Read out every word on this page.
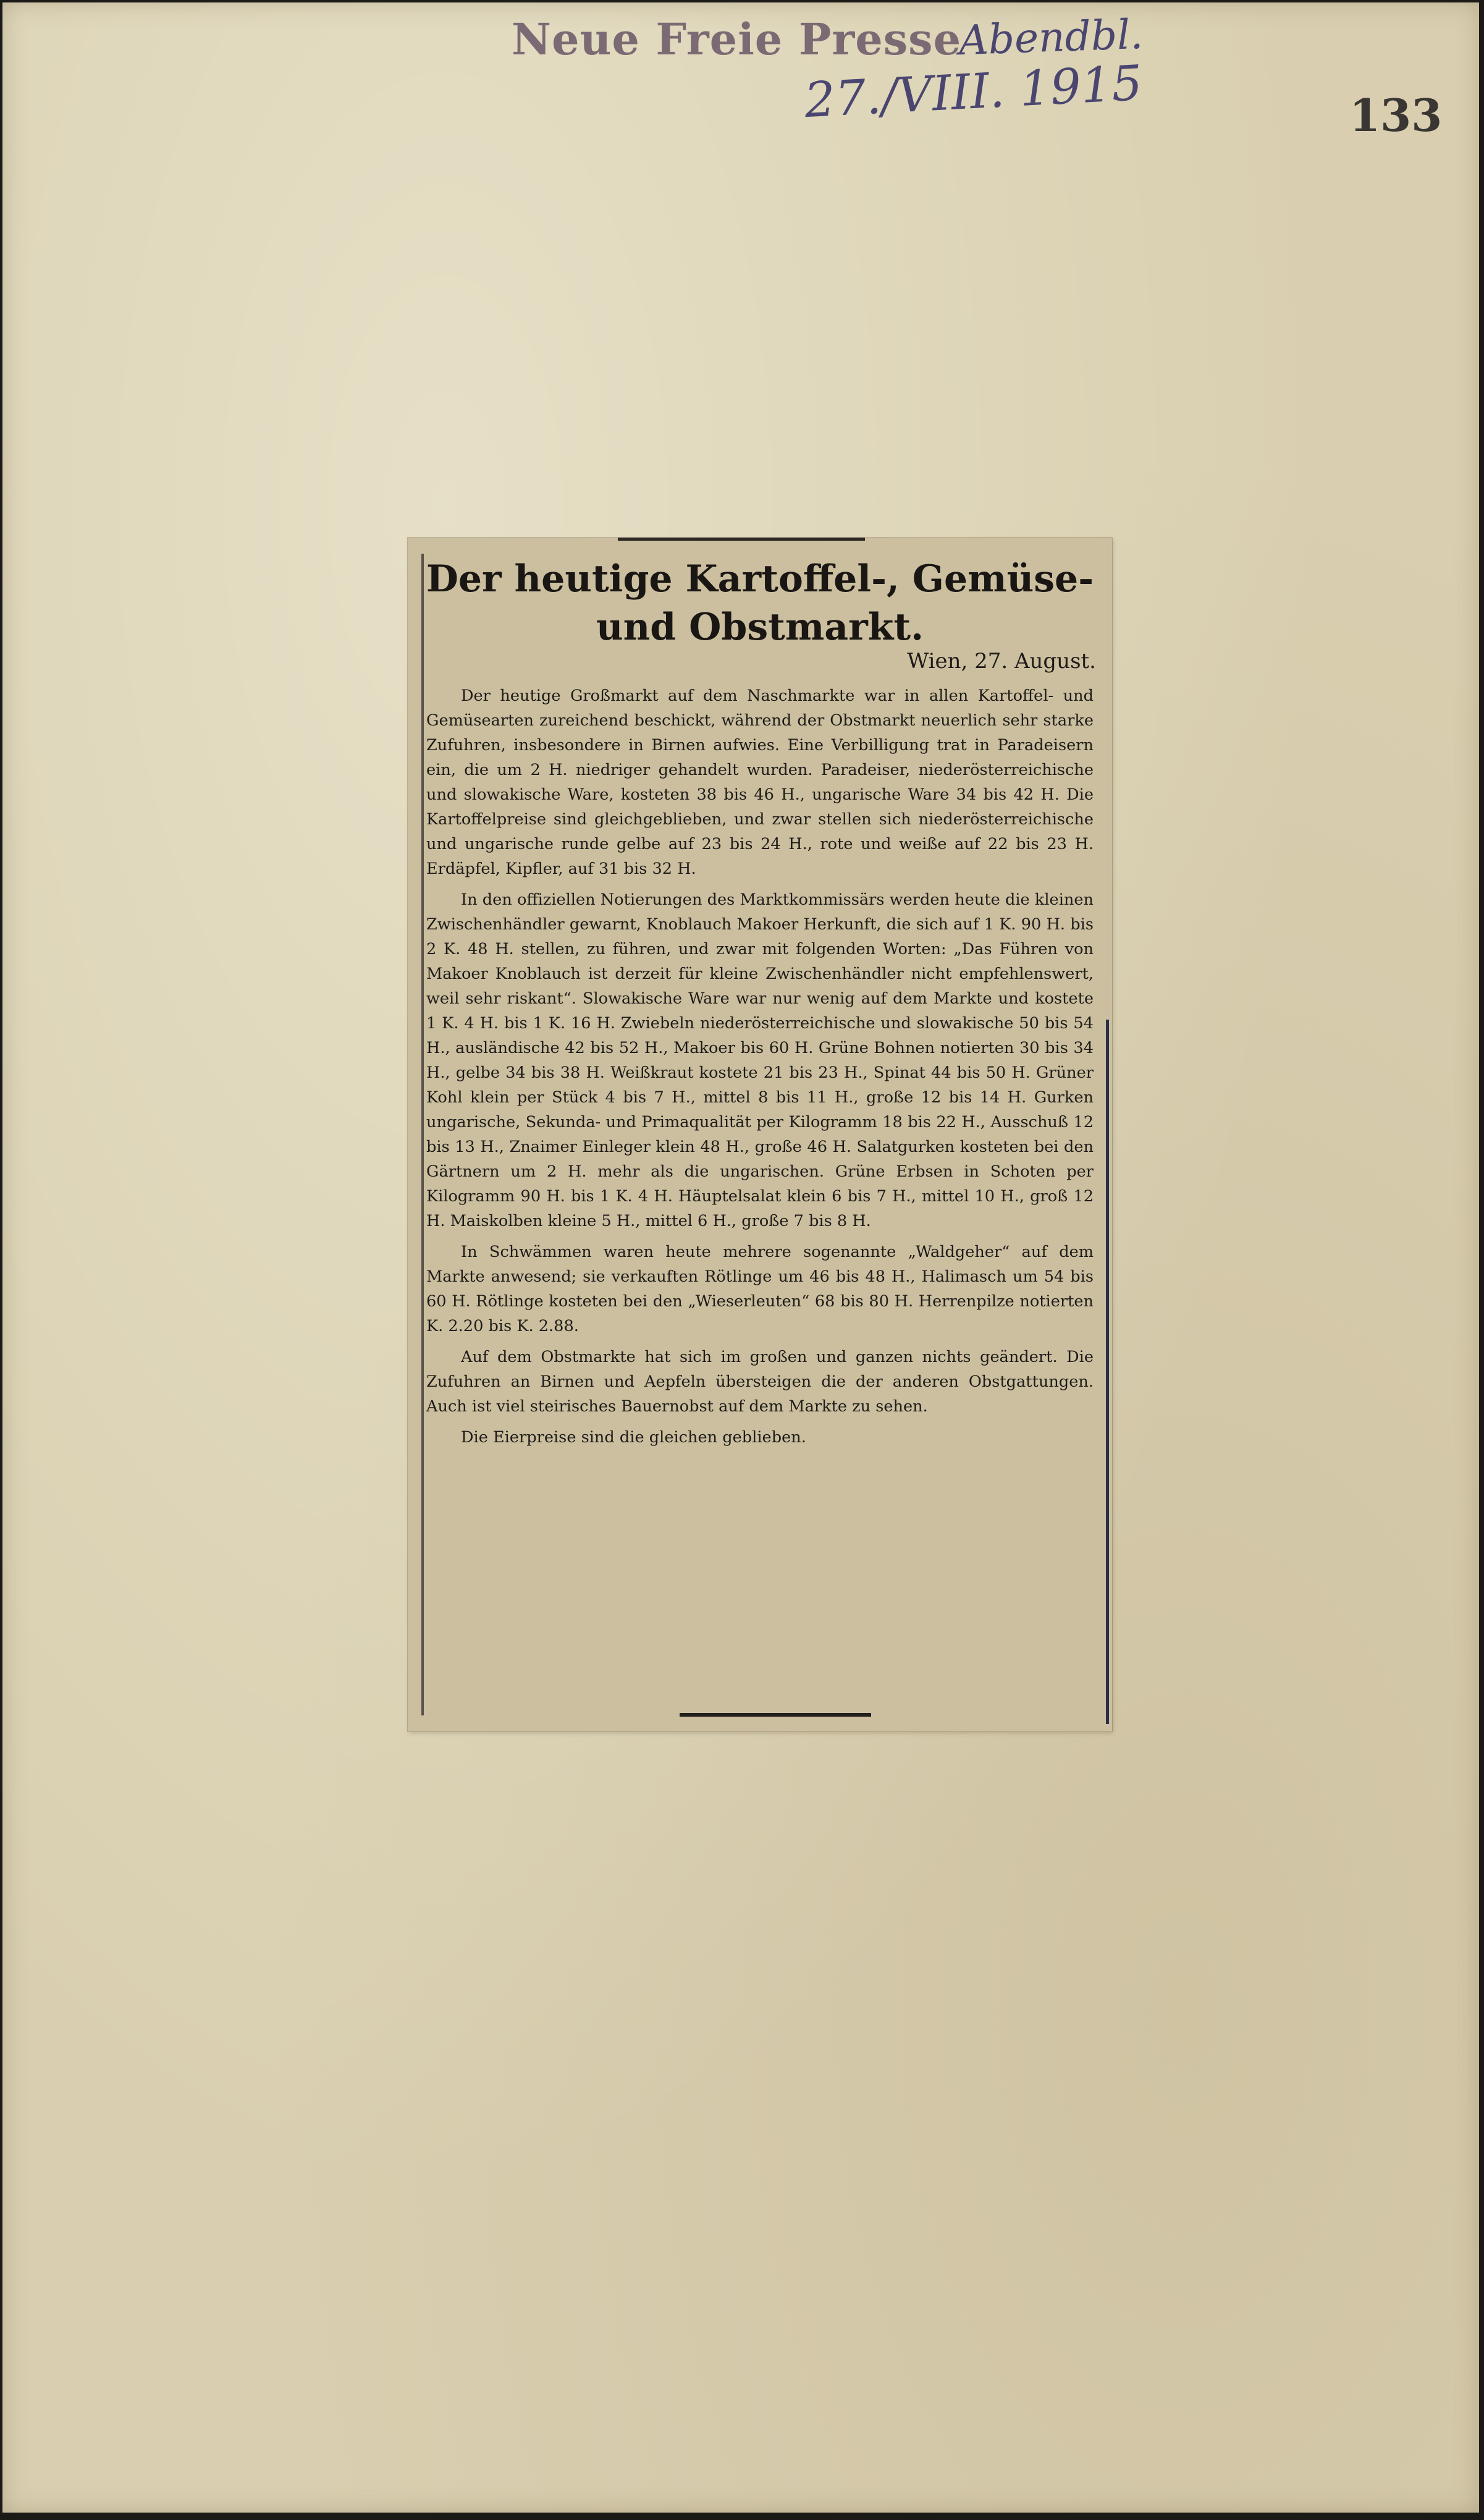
Neue Freie Presse
Abendbl.
27./VIII. 1915	133
Der heutige Kartoffel-, Gemüse- und Obstmarkt.
Wien, 27. August.

Der heutige Großmarkt auf dem Naschmarkte war in allen Kartoffel- und Gemüsearten zureichend beschickt, während der Obstmarkt neuerlich sehr starke Zufuhren, insbesondere in Birnen aufwies. Eine Verbilligung trat in Paradeisern ein, die um 2 H. niedriger gehandelt wurden. Paradeiser, niederösterreichische und slowakische Ware, kosteten 38 bis 46 H., ungarische Ware 34 bis 42 H. Die Kartoffelpreise sind gleichgeblieben, und zwar stellen sich niederösterreichische und ungarische runde gelbe auf 23 bis 24 H., rote und weiße auf 22 bis 23 H. Erdäpfel, Kipfler, auf 31 bis 32 H.

In den offiziellen Notierungen des Marktkommissärs werden heute die kleinen Zwischenhändler gewarnt, Knoblauch Makoer Herkunft, die sich auf 1 K. 90 H. bis 2 K. 48 H. stellen, zu führen, und zwar mit folgenden Worten: „Das Führen von Makoer Knoblauch ist derzeit für kleine Zwischenhändler nicht empfehlenswert, weil sehr riskant“. Slowakische Ware war nur wenig auf dem Markte und kostete 1 K. 4 H. bis 1 K. 16 H. Zwiebeln niederösterreichische und slowakische 50 bis 54 H., ausländische 42 bis 52 H., Makoer bis 60 H. Grüne Bohnen notierten 30 bis 34 H., gelbe 34 bis 38 H. Weißkraut kostete 21 bis 23 H., Spinat 44 bis 50 H. Grüner Kohl klein per Stück 4 bis 7 H., mittel 8 bis 11 H., große 12 bis 14 H. Gurken ungarische, Sekunda- und Primaqualität per Kilogramm 18 bis 22 H., Ausschuß 12 bis 13 H., Znaimer Einleger klein 48 H., große 46 H. Salatgurken kosteten bei den Gärtnern um 2 H. mehr als die ungarischen. Grüne Erbsen in Schoten per Kilogramm 90 H. bis 1 K. 4 H. Häuptelsalat klein 6 bis 7 H., mittel 10 H., groß 12 H. Maiskolben kleine 5 H., mittel 6 H., große 7 bis 8 H.

In Schwämmen waren heute mehrere sogenannte „Waldgeher“ auf dem Markte anwesend; sie verkauften Rötlinge um 46 bis 48 H., Halimasch um 54 bis 60 H. Rötlinge kosteten bei den „Wieserleuten“ 68 bis 80 H. Herrenpilze notierten K. 2.20 bis K. 2.88.

Auf dem Obstmarkte hat sich im großen und ganzen nichts geändert. Die Zufuhren an Birnen und Aepfeln übersteigen die der anderen Obstgattungen. Auch ist viel steirisches Bauernobst auf dem Markte zu sehen.

Die Eierpreise sind die gleichen geblieben.
